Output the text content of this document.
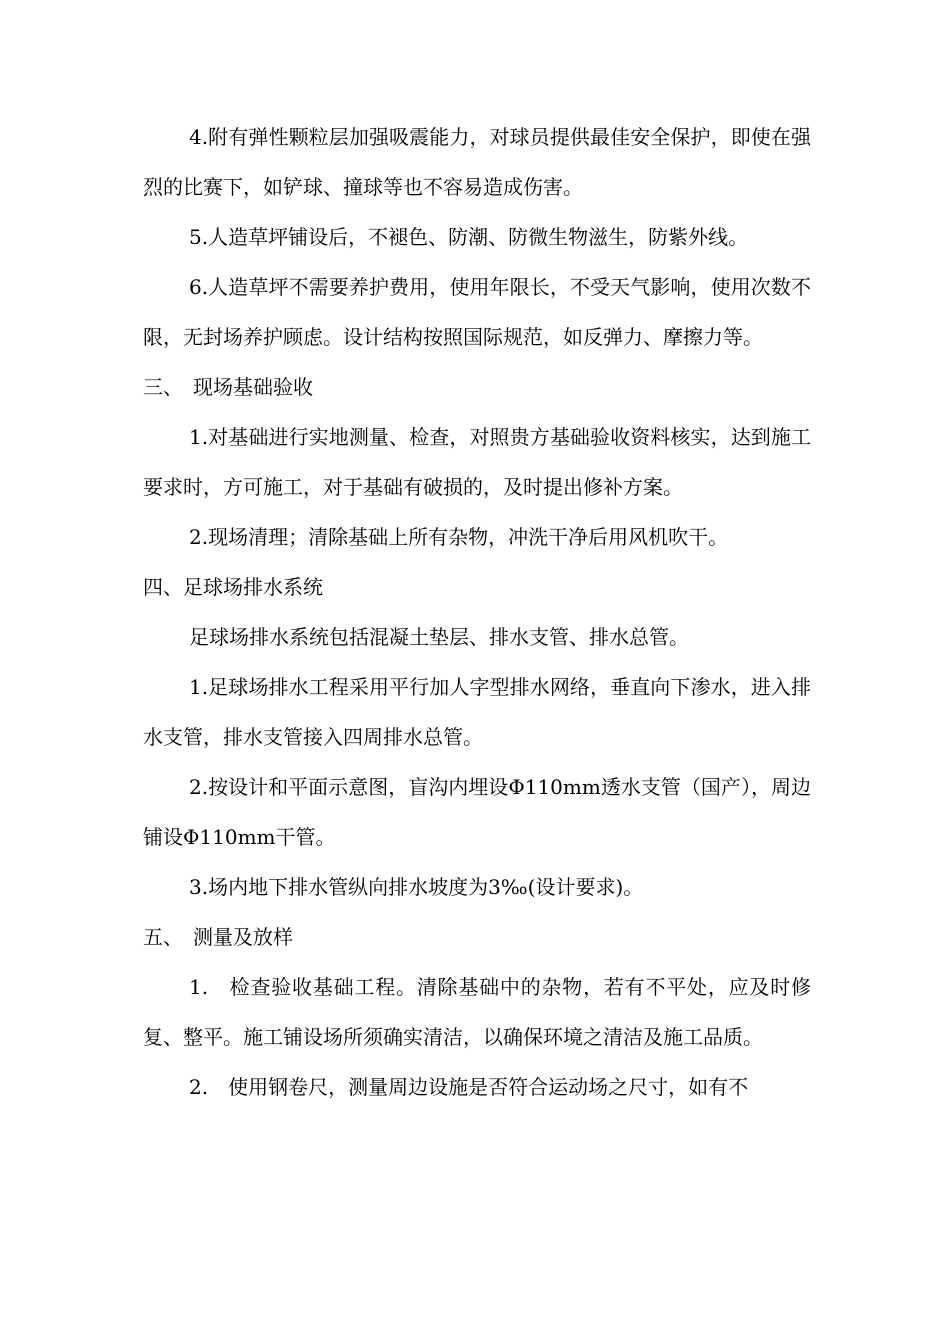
4.附有弹性颗粒层加强吸震能力，对球员提供最佳安全保护，即使在强烈的比赛下，如铲球、撞球等也不容易造成伤害。

5.人造草坪铺设后，不褪色、防潮、防微生物滋生，防紫外线。

6.人造草坪不需要养护费用，使用年限长，不受天气影响，使用次数不限，无封场养护顾虑。设计结构按照国际规范，如反弹力、摩擦力等。

三、　现场基础验收

1.对基础进行实地测量、检查，对照贵方基础验收资料核实，达到施工要求时，方可施工，对于基础有破损的，及时提出修补方案。

2.现场清理；清除基础上所有杂物，冲洗干净后用风机吹干。

四、足球场排水系统

足球场排水系统包括混凝土垫层、排水支管、排水总管。

1.足球场排水工程采用平行加人字型排水网络，垂直向下渗水，进入排水支管，排水支管接入四周排水总管。

2.按设计和平面示意图，盲沟内埋设Φ110mm透水支管（国产），周边铺设Φ110mm干管。

3.场内地下排水管纵向排水坡度为3‰(设计要求)。

五、　测量及放样

1.　检查验收基础工程。清除基础中的杂物，若有不平处，应及时修复、整平。施工铺设场所须确实清洁，以确保环境之清洁及施工品质。

2.　使用钢卷尺，测量周边设施是否符合运动场之尺寸，如有不
